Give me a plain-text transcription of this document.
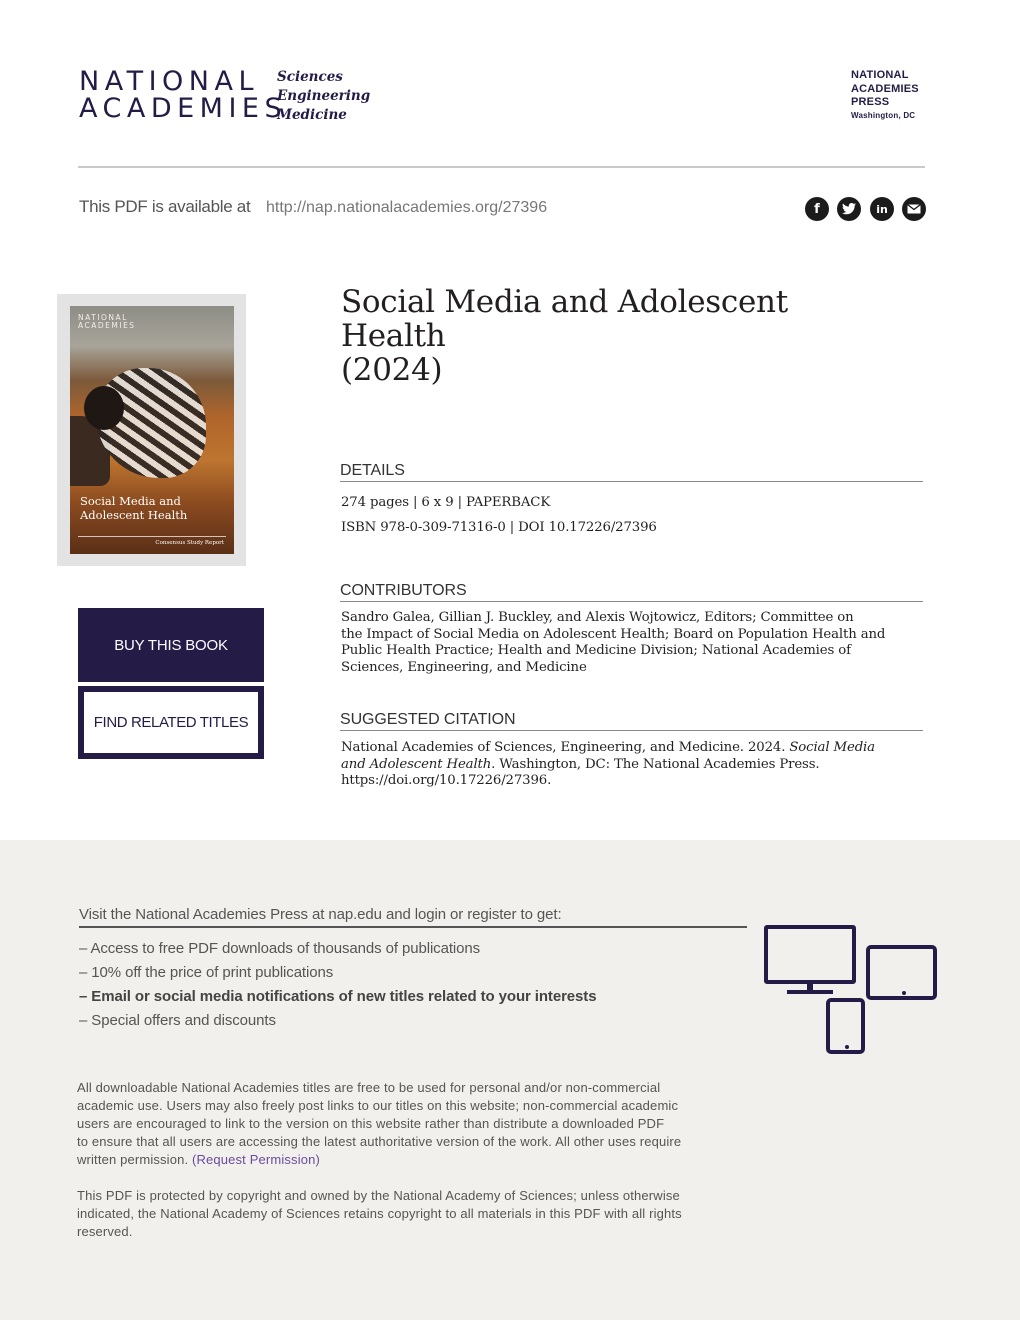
NATIONAL
ACADEMIES
Sciences
Engineering
Medicine
NATIONAL
ACADEMIES
PRESS
Washington, DC
This PDF is available at http://nap.nationalacademies.org/27396	f	in
NATIONAL
ACADEMIES
Social Media and
Adolescent Health
Consensus Study Report
BUY THIS BOOK
FIND RELATED TITLES
Social Media and Adolescent Health
(2024)
DETAILS
274 pages | 6 x 9 | PAPERBACK
ISBN 978-0-309-71316-0 | DOI 10.17226/27396
CONTRIBUTORS
Sandro Galea, Gillian J. Buckley, and Alexis Wojtowicz, Editors; Committee on
the Impact of Social Media on Adolescent Health; Board on Population Health and
Public Health Practice; Health and Medicine Division; National Academies of
Sciences, Engineering, and Medicine
SUGGESTED CITATION
National Academies of Sciences, Engineering, and Medicine. 2024. Social Media
and Adolescent Health. Washington, DC: The National Academies Press.
https://doi.org/10.17226/27396.
Visit the National Academies Press at nap.edu and login or register to get:
– Access to free PDF downloads of thousands of publications
– 10% off the price of print publications
– Email or social media notifications of new titles related to your interests
– Special offers and discounts
All downloadable National Academies titles are free to be used for personal and/or non-commercial
academic use. Users may also freely post links to our titles on this website; non-commercial academic
users are encouraged to link to the version on this website rather than distribute a downloaded PDF
to ensure that all users are accessing the latest authoritative version of the work. All other uses require
written permission. (Request Permission)
This PDF is protected by copyright and owned by the National Academy of Sciences; unless otherwise
indicated, the National Academy of Sciences retains copyright to all materials in this PDF with all rights
reserved.
